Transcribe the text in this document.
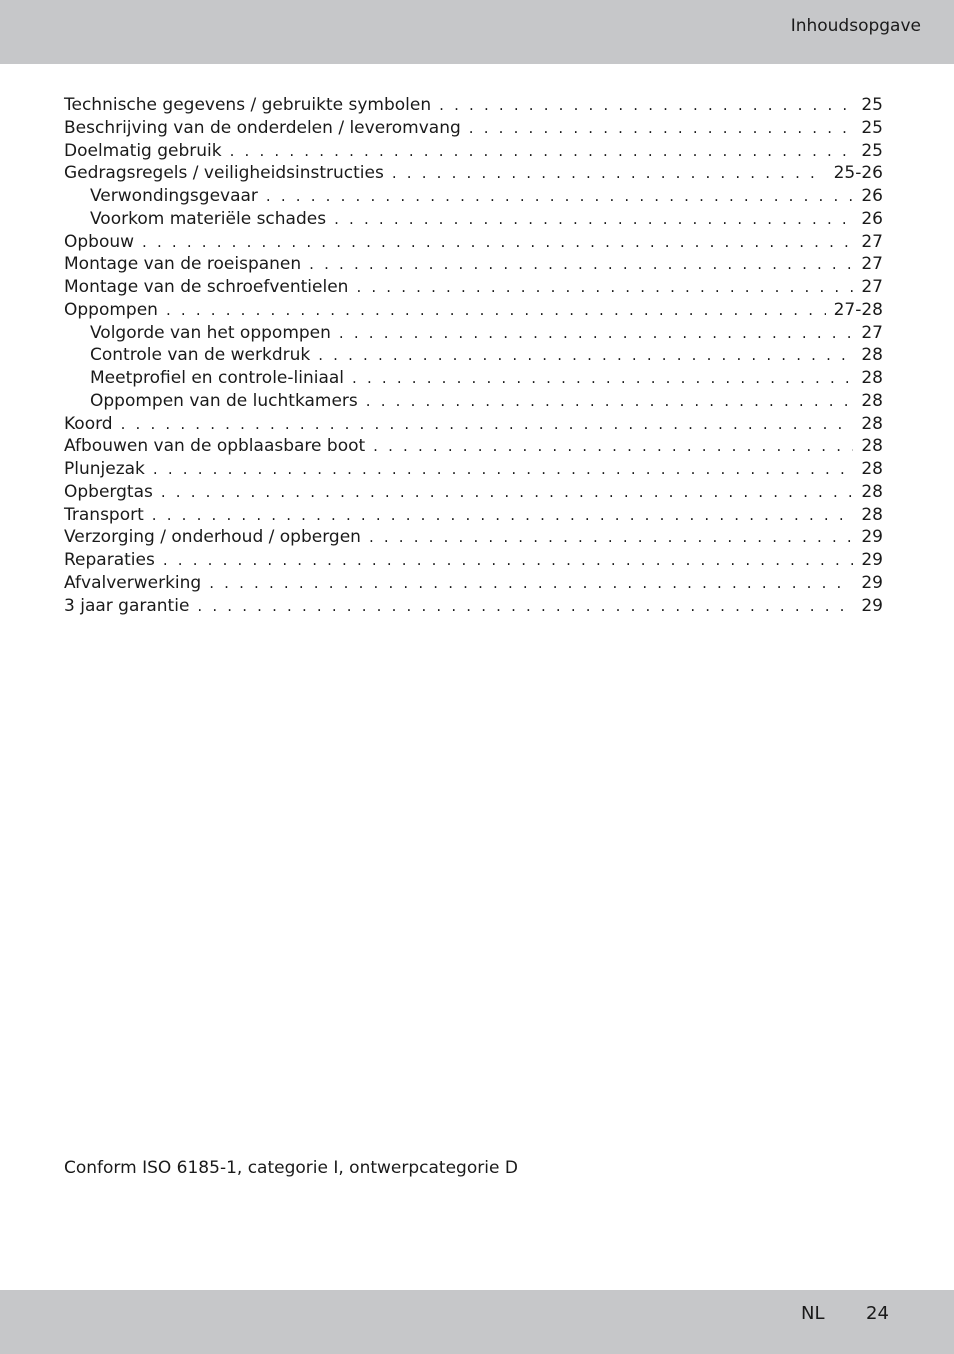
Inhoudsopgave
Technische gegevens / gebruikte symbolen . . .	25
Beschrijving van de onderdelen / leveromvang . . .	25
Doelmatig gebruik . . .	25
Gedragsregels / veiligheidsinstructies . . .	25-26
Verwondingsgevaar . . .	26
Voorkom materiële schades . . .	26
Opbouw . . .	27
Montage van de roeispanen . . .	27
Montage van de schroefventielen . . .	27
Oppompen . . .	27-28
Volgorde van het oppompen . . .	27
Controle van de werkdruk . . .	28
Meetprofiel en controle-liniaal . . .	28
Oppompen van de luchtkamers . . .	28
Koord . . .	28
Afbouwen van de opblaasbare boot . . .	28
Plunjezak . . .	28
Opbergtas . . .	28
Transport . . .	28
Verzorging / onderhoud / opbergen . . .	29
Reparaties . . .	29
Afvalverwerking . . .	29
3 jaar garantie . . .	29
Conform ISO 6185-1, categorie I, ontwerpcategorie D
NL 24
